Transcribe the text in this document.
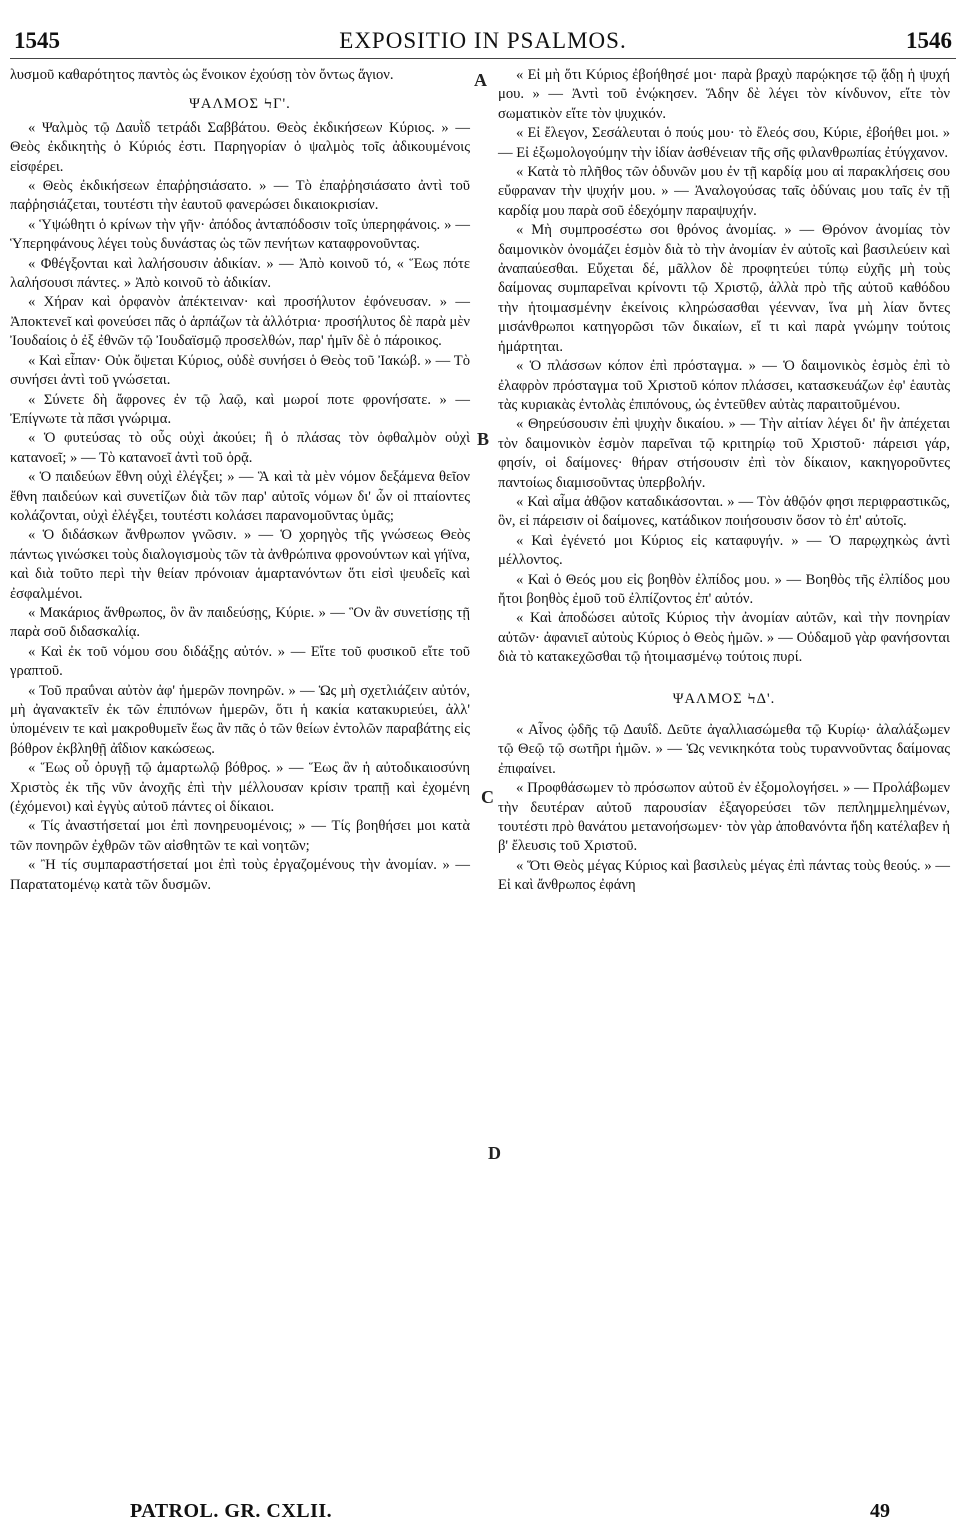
1545	EXPOSITIO IN PSALMOS.	1546
A
B
C
D

λυσμοῦ καθαρότητος παντὸς ὡς ἔνοικον ἐχούσῃ τὸν ὄντως ἅγιον.

ΨΑΛΜΟΣ ϞΓ'.

« Ψαλμὸς τῷ Δαυῒδ τετράδι Σαββάτου. Θεὸς ἐκδικήσεων Κύριος. » — Θεὸς ἐκδικητὴς ὁ Κύριός ἐστι. Παρηγορίαν ὁ ψαλμὸς τοῖς ἀδικουμένοις εἰσφέρει.

« Θεὸς ἐκδικήσεων ἐπαῤῥησιάσατο. » — Τὸ ἐπαῤῥησιάσατο ἀντὶ τοῦ παῤῥησιάζεται, τουτέστι τὴν ἑαυτοῦ φανερώσει δικαιοκρισίαν.

« Ὑψώθητι ὁ κρίνων τὴν γῆν· ἀπόδος ἀνταπόδοσιν τοῖς ὑπερηφάνοις. » — Ὑπερηφάνους λέγει τοὺς δυνάστας ὡς τῶν πενήτων καταφρονοῦντας.

« Φθέγξονται καὶ λαλήσουσιν ἀδικίαν. » — Ἀπὸ κοινοῦ τό, « Ἕως πότε λαλήσουσι πάντες. » Ἀπὸ κοινοῦ τὸ ἀδικίαν.

« Χήραν καὶ ὀρφανὸν ἀπέκτειναν· καὶ προσήλυτον ἐφόνευσαν. » — Ἀποκτενεῖ καὶ φονεύσει πᾶς ὁ ἁρπάζων τὰ ἀλλότρια· προσήλυτος δὲ παρὰ μὲν Ἰουδαίοις ὁ ἐξ ἐθνῶν τῷ Ἰουδαϊσμῷ προσελθών, παρ' ἡμῖν δὲ ὁ πάροικος.

« Καὶ εἶπαν· Οὐκ ὄψεται Κύριος, οὐδὲ συνήσει ὁ Θεὸς τοῦ Ἰακώβ. » — Τὸ συνήσει ἀντὶ τοῦ γνώσεται.

« Σύνετε δὴ ἄφρονες ἐν τῷ λαῷ, καὶ μωροί ποτε φρονήσατε. » — Ἐπίγνωτε τὰ πᾶσι γνώριμα.

« Ὁ φυτεύσας τὸ οὖς οὐχὶ ἀκούει; ἢ ὁ πλάσας τὸν ὀφθαλμὸν οὐχὶ κατανοεῖ; » — Τὸ κατανοεῖ ἀντὶ τοῦ ὁρᾷ.

« Ὁ παιδεύων ἔθνη οὐχὶ ἐλέγξει; » — Ἃ καὶ τὰ μὲν νόμον δεξάμενα θεῖον ἔθνη παιδεύων καὶ συνετίζων διὰ τῶν παρ' αὐτοῖς νόμων δι' ὧν οἱ πταίοντες κολάζονται, οὐχὶ ἐλέγξει, τουτέστι κολάσει παρανομοῦντας ὑμᾶς;

« Ὁ διδάσκων ἄνθρωπον γνῶσιν. » — Ὁ χορηγὸς τῆς γνώσεως Θεὸς πάντως γινώσκει τοὺς διαλογισμοὺς τῶν τὰ ἀνθρώπινα φρονούντων καὶ γήϊνα, καὶ διὰ τοῦτο περὶ τὴν θείαν πρόνοιαν ἁμαρτανόντων ὅτι εἰσὶ ψευδεῖς καὶ ἐσφαλμένοι.

« Μακάριος ἄνθρωπος, ὃν ἂν παιδεύσῃς, Κύριε. » — Ὃν ἂν συνετίσῃς τῇ παρὰ σοῦ διδασκαλίᾳ.

« Καὶ ἐκ τοῦ νόμου σου διδάξῃς αὐτόν. » — Εἴτε τοῦ φυσικοῦ εἴτε τοῦ γραπτοῦ.

« Τοῦ πραΰναι αὐτὸν ἀφ' ἡμερῶν πονηρῶν. » — Ὡς μὴ σχετλιάζειν αὐτόν, μὴ ἀγανακτεῖν ἐκ τῶν ἐπιπόνων ἡμερῶν, ὅτι ἡ κακία κατακυριεύει, ἀλλ' ὑπομένειν τε καὶ μακροθυμεῖν ἕως ἂν πᾶς ὁ τῶν θείων ἐντολῶν παραβάτης εἰς βόθρον ἐκβληθῇ ἀΐδιον κακώσεως.

« Ἕως οὗ ὀρυγῇ τῷ ἁμαρτωλῷ βόθρος. » — Ἕως ἂν ἡ αὐτοδικαιοσύνη Χριστὸς ἐκ τῆς νῦν ἀνοχῆς ἐπὶ τὴν μέλλουσαν κρίσιν τραπῇ καὶ ἐχομένη (ἐχόμενοι) καὶ ἐγγὺς αὐτοῦ πάντες οἱ δίκαιοι.

« Τίς ἀναστήσεταί μοι ἐπὶ πονηρευομένοις; » — Τίς βοηθήσει μοι κατὰ τῶν πονηρῶν ἐχθρῶν τῶν αἰσθητῶν τε καὶ νοητῶν;

« Ἢ τίς συμπαραστήσεταί μοι ἐπὶ τοὺς ἐργαζομένους τὴν ἀνομίαν. » — Παρατατομένῳ κατὰ τῶν δυσμῶν.

« Εἰ μὴ ὅτι Κύριος ἐβοήθησέ μοι· παρὰ βραχὺ παρῴκησε τῷ ᾅδῃ ἡ ψυχή μου. » — Ἀντὶ τοῦ ἐνῴκησεν. Ἅδην δὲ λέγει τὸν κίνδυνον, εἴτε τὸν σωματικὸν εἴτε τὸν ψυχικόν.

« Εἰ ἔλεγον, Σεσάλευται ὁ πούς μου· τὸ ἔλεός σου, Κύριε, ἐβοήθει μοι. » — Εἰ ἐξωμολογούμην τὴν ἰδίαν ἀσθένειαν τῆς σῆς φιλανθρωπίας ἐτύγχανον.

« Κατὰ τὸ πλῆθος τῶν ὀδυνῶν μου ἐν τῇ καρδίᾳ μου αἱ παρακλήσεις σου εὔφραναν τὴν ψυχήν μου. » — Ἀναλογούσας ταῖς ὀδύναις μου ταῖς ἐν τῇ καρδίᾳ μου παρὰ σοῦ ἐδεχόμην παραψυχήν.

« Μὴ συμπροσέστω σοι θρόνος ἀνομίας. » — Θρόνον ἀνομίας τὸν δαιμονικὸν ὀνομάζει ἑσμὸν διὰ τὸ τὴν ἀνομίαν ἐν αὐτοῖς καὶ βασιλεύειν καὶ ἀναπαύεσθαι. Εὔχεται δέ, μᾶλλον δὲ προφητεύει τύπῳ εὐχῆς μὴ τοὺς δαίμονας συμπαρεῖναι κρίνοντι τῷ Χριστῷ, ἀλλὰ πρὸ τῆς αὐτοῦ καθόδου τὴν ἡτοιμασμένην ἐκείνοις κληρώσασθαι γέενναν, ἵνα μὴ λίαν ὄντες μισάνθρωποι κατηγορῶσι τῶν δικαίων, εἴ τι καὶ παρὰ γνώμην τούτοις ἡμάρτηται.

« Ὁ πλάσσων κόπον ἐπὶ πρόσταγμα. » — Ὁ δαιμονικὸς ἑσμὸς ἐπὶ τὸ ἐλαφρὸν πρόσταγμα τοῦ Χριστοῦ κόπον πλάσσει, κατασκευάζων ἐφ' ἑαυτὰς τὰς κυριακὰς ἐντολὰς ἐπιπόνους, ὡς ἐντεῦθεν αὐτὰς παραιτοῦμένου.

« Θηρεύσουσιν ἐπὶ ψυχὴν δικαίου. » — Τὴν αἰτίαν λέγει δι' ἣν ἀπέχεται τὸν δαιμονικὸν ἑσμὸν παρεῖναι τῷ κριτηρίῳ τοῦ Χριστοῦ· πάρεισι γάρ, φησίν, οἱ δαίμονες· θήραν στήσουσιν ἐπὶ τὸν δίκαιον, κακηγοροῦντες παντοίως διαμισοῦντας ὑπερβολήν.

« Καὶ αἷμα ἀθῷον καταδικάσονται. » — Τὸν ἀθῷόν φησι περιφραστικῶς, ὃν, εἰ πάρεισιν οἱ δαίμονες, κατάδικον ποιήσουσιν ὅσον τὸ ἐπ' αὐτοῖς.

« Καὶ ἐγένετό μοι Κύριος εἰς καταφυγήν. » — Ὁ παρῳχηκὼς ἀντὶ μέλλοντος.

« Καὶ ὁ Θεός μου εἰς βοηθὸν ἐλπίδος μου. » — Βοηθὸς τῆς ἐλπίδος μου ἤτοι βοηθὸς ἐμοῦ τοῦ ἐλπίζοντος ἐπ' αὐτόν.

« Καὶ ἀποδώσει αὐτοῖς Κύριος τὴν ἀνομίαν αὐτῶν, καὶ τὴν πονηρίαν αὐτῶν· ἀφανιεῖ αὐτοὺς Κύριος ὁ Θεὸς ἡμῶν. » — Οὐδαμοῦ γὰρ φανήσονται διὰ τὸ κατακεχῶσθαι τῷ ἡτοιμασμένῳ τούτοις πυρί.

ΨΑΛΜΟΣ ϞΔ'.

« Αἶνος ᾠδῆς τῷ Δαυΐδ. Δεῦτε ἀγαλλιασώμεθα τῷ Κυρίῳ· ἀλαλάξωμεν τῷ Θεῷ τῷ σωτῆρι ἡμῶν. » — Ὡς νενικηκότα τοὺς τυραννοῦντας δαίμονας ἐπιφαίνει.

« Προφθάσωμεν τὸ πρόσωπον αὐτοῦ ἐν ἐξομολογήσει. » — Προλάβωμεν τὴν δευτέραν αὐτοῦ παρουσίαν ἐξαγορεύσει τῶν πεπλημμελημένων, τουτέστι πρὸ θανάτου μετανοήσωμεν· τὸν γὰρ ἀποθανόντα ἤδη κατέλαβεν ἡ β' ἔλευσις τοῦ Χριστοῦ.

« Ὅτι Θεὸς μέγας Κύριος καὶ βασιλεὺς μέγας ἐπὶ πάντας τοὺς θεούς. » — Εἰ καὶ ἄνθρωπος ἐφάνη

PATROL. GR. CXLII.	49
